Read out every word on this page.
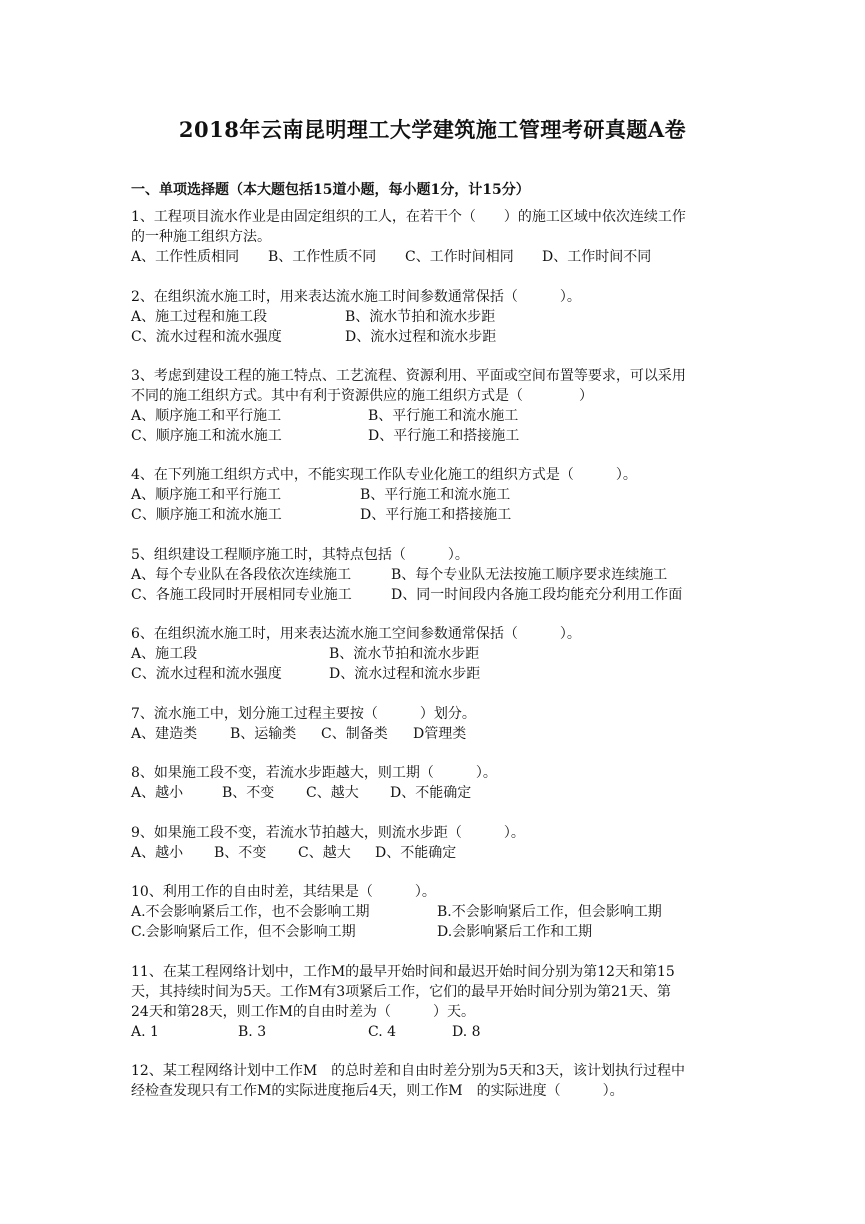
2018年云南昆明理工大学建筑施工管理考研真题A卷
一、单项选择题（本大题包括15道小题，每小题1分，计15分）
1、工程项目流水作业是由固定组织的工人，在若干个（　　）的施工区域中依次连续工作
的一种施工组织方法。
A、工作性质相同 B、工作性质不同 C、工作时间相同 D、工作时间不同
2、在组织流水施工时，用来表达流水施工时间参数通常保括（　　　）。
A、施工过程和施工段	B、流水节拍和流水步距
C、流水过程和流水强度	D、流水过程和流水步距
3、考虑到建设工程的施工特点、工艺流程、资源利用、平面或空间布置等要求，可以采用
不同的施工组织方式。其中有利于资源供应的施工组织方式是（　　　　）
A、顺序施工和平行施工	B、平行施工和流水施工
C、顺序施工和流水施工	D、平行施工和搭接施工
4、在下列施工组织方式中，不能实现工作队专业化施工的组织方式是（　　　）。
A、顺序施工和平行施工	B、平行施工和流水施工
C、顺序施工和流水施工	D、平行施工和搭接施工
5、组织建设工程顺序施工时，其特点包括（　　　）。
A、每个专业队在各段依次连续施工	B、每个专业队无法按施工顺序要求连续施工
C、各施工段同时开展相同专业施工	D、同一时间段内各施工段均能充分利用工作面
6、在组织流水施工时，用来表达流水施工空间参数通常保括（　　　）。
A、施工段	B、流水节拍和流水步距
C、流水过程和流水强度	D、流水过程和流水步距
7、流水施工中，划分施工过程主要按（　　　）划分。
A、建造类 B、运输类 C、制备类 D管理类
8、如果施工段不变，若流水步距越大，则工期（　　　）。
A、越小	B、不变 C、越大 D、不能确定
9、如果施工段不变，若流水节拍越大，则流水步距（　　　）。
A、越小 B、不变 C、越大 D、不能确定
10、利用工作的自由时差，其结果是（　　　）。
A.不会影响紧后工作，也不会影响工期	B.不会影响紧后工作，但会影响工期
C.会影响紧后工作，但不会影响工期	D.会影响紧后工作和工期
11、在某工程网络计划中，工作M的最早开始时间和最迟开始时间分别为第12天和第15
天，其持续时间为5天。工作M有3项紧后工作，它们的最早开始时间分别为第21天、第
24天和第28天，则工作M的自由时差为（　　　）天。
A. 1	B. 3	C. 4	D. 8
12、某工程网络计划中工作M　的总时差和自由时差分别为5天和3天，该计划执行过程中
经检查发现只有工作M的实际进度拖后4天，则工作M　的实际进度（　　　）。
